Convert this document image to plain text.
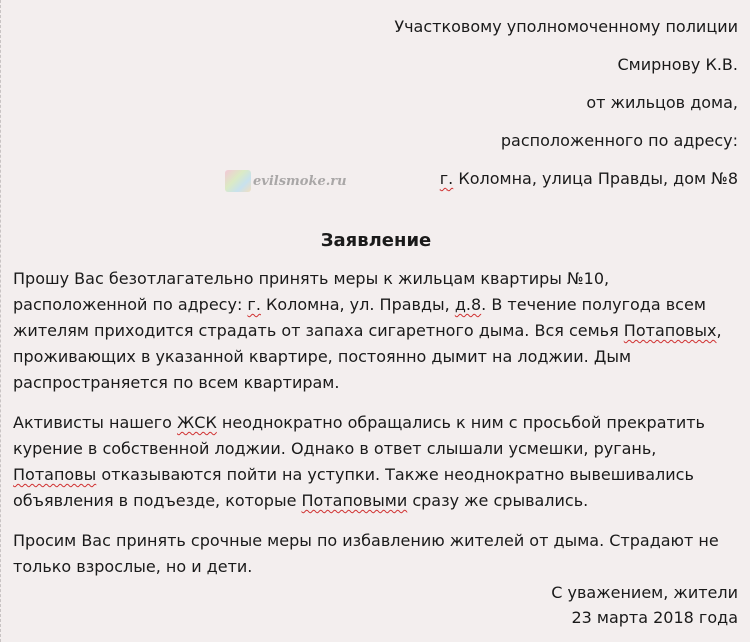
Участковому уполномоченному полиции
Смирнову К.В.
от жильцов дома,
расположенного по адресу:
г. Коломна, улица Правды, дом №8
evilsmoke.ru
Заявление

Прошу Вас безотлагательно принять меры к жильцам квартиры №10, расположенной по адресу: г. Коломна, ул. Правды, д.8. В течение полугода всем жителям приходится страдать от запаха сигаретного дыма. Вся семья Потаповых, проживающих в указанной квартире, постоянно дымит на лоджии. Дым распространяется по всем квартирам.

Активисты нашего ЖСК неоднократно обращались к ним с просьбой прекратить курение в собственной лоджии. Однако в ответ слышали усмешки, ругань, Потаповы отказываются пойти на уступки. Также неоднократно вывешивались объявления в подъезде, которые Потаповыми сразу же срывались.

Просим Вас принять срочные меры по избавлению жителей от дыма. Страдают не только взрослые, но и дети.

С уважением, жители
23 марта 2018 года
